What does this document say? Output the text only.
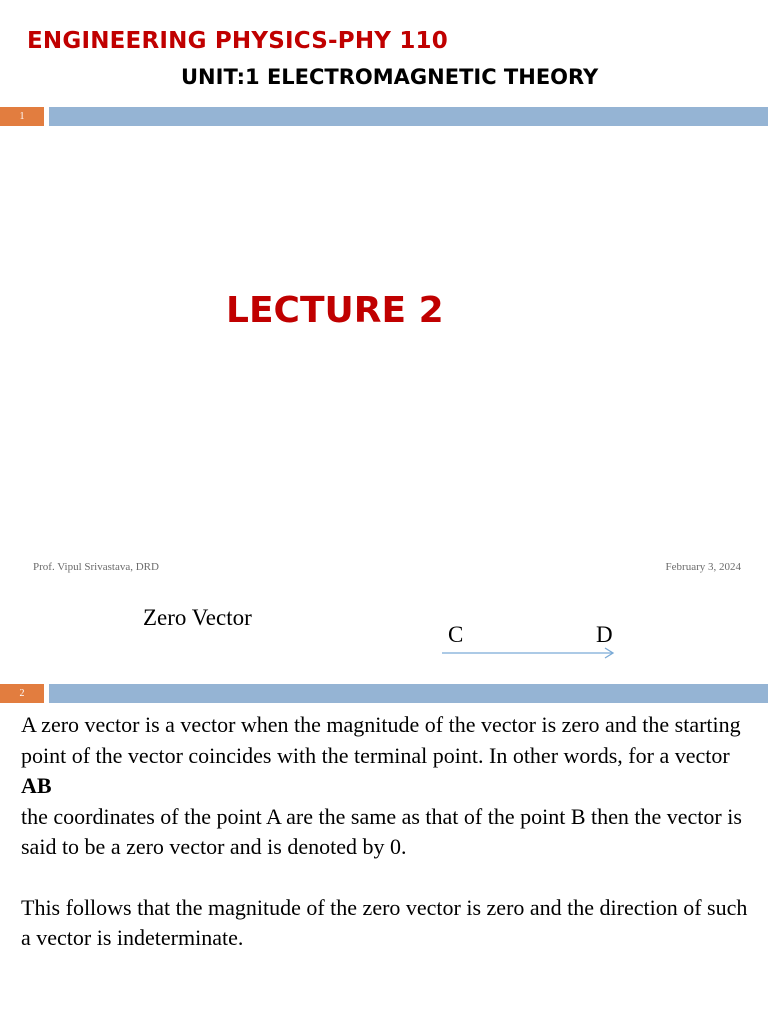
ENGINEERING PHYSICS-PHY 110
UNIT:1 ELECTROMAGNETIC THEORY
1
LECTURE 2
Prof. Vipul Srivastava, DRD	February 3, 2024
Zero Vector
C	D
2

A zero vector is a vector when the magnitude of the vector is zero and the starting point of the vector coincides with the terminal point. In other words, for a vector

AB

the coordinates of the point A are the same as that of the point B then the vector is said to be a zero vector and is denoted by 0.

This follows that the magnitude of the zero vector is zero and the direction of such a vector is indeterminate.
